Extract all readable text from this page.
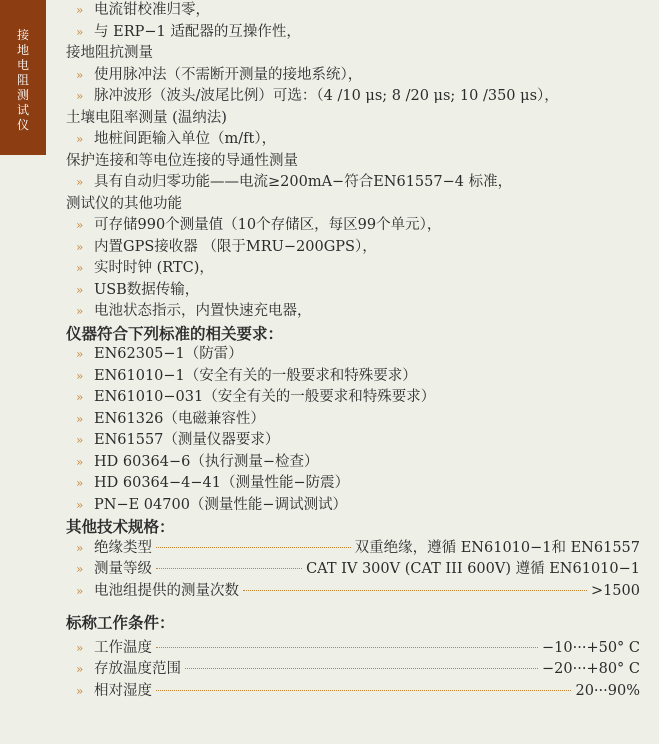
接
地
电
阻
测
试
仪
» 电流钳校准归零，
» 与 ERP−1 适配器的互操作性，
接地阻抗测量
» 使用脉冲法（不需断开测量的接地系统），
» 脉冲波形（波头/波尾比例）可选：（4 /10 μs; 8 /20 μs; 10 /350 μs），
土壤电阻率测量 (温纳法)
» 地桩间距输入单位（m/ft），
保护连接和等电位连接的导通性测量
» 具有自动归零功能——电流≥200mA−符合EN61557−4 标准，
测试仪的其他功能
» 可存储990个测量值（10个存储区，每区99个单元），
» 内置GPS接收器 （限于MRU−200GPS），
» 实时时钟 (RTC)，
» USB数据传输，
» 电池状态指示，内置快速充电器，
仪器符合下列标准的相关要求：
» EN62305−1（防雷）
» EN61010−1（安全有关的一般要求和特殊要求）
» EN61010−031（安全有关的一般要求和特殊要求）
» EN61326（电磁兼容性）
» EN61557（测量仪器要求）
» HD 60364−6（执行测量−检查）
» HD 60364−4−41（测量性能−防震）
» PN−E 04700（测量性能−调试测试）
其他技术规格：
» 绝缘类型	双重绝缘，遵循 EN61010−1和 EN61557
» 测量等级	CAT IV 300V (CAT III 600V) 遵循 EN61010−1
» 电池组提供的测量次数	>1500
标称工作条件：
» 工作温度	−10···+50° C
» 存放温度范围	−20···+80° C
» 相对湿度	20···90%
